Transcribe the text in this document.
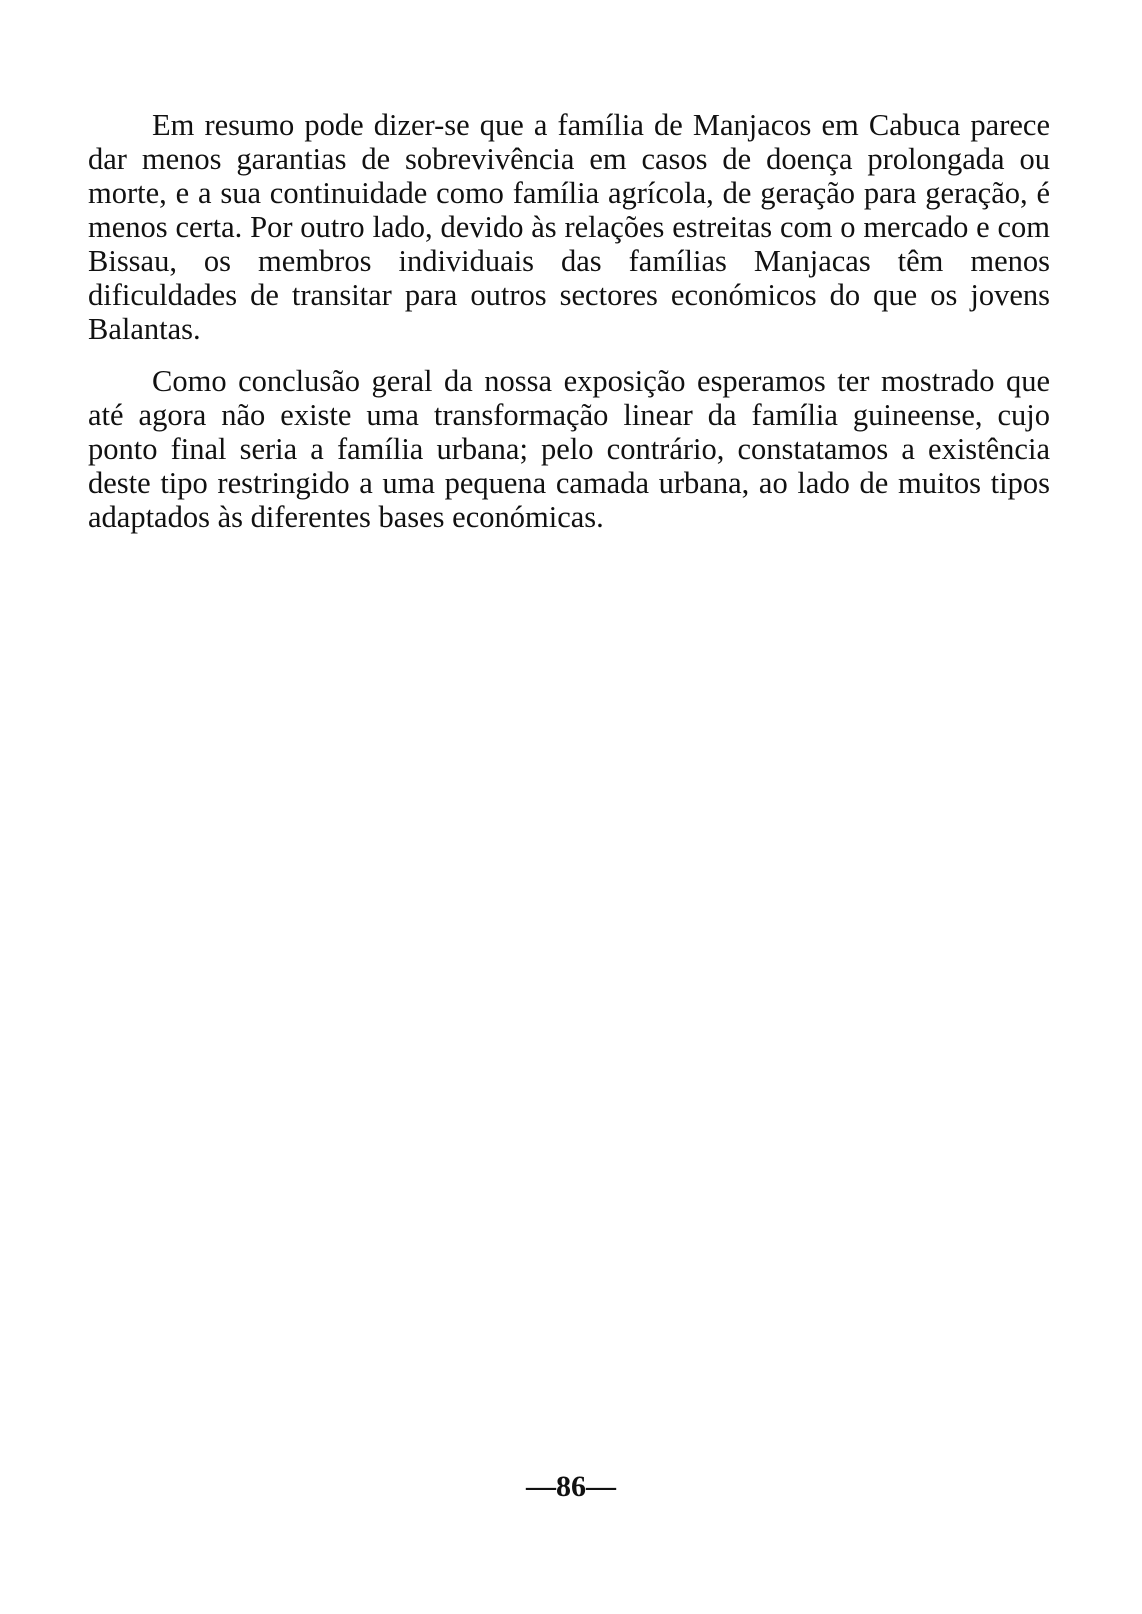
Em resumo pode dizer-se que a família de Manjacos em Cabuca parece dar menos garantias de sobrevivência em casos de doença prolongada ou morte, e a sua continuidade como família agrícola, de geração para geração, é menos certa. Por outro lado, devido às relações estreitas com o mercado e com Bissau, os membros individuais das famílias Manjacas têm menos dificuldades de transitar para outros sectores económicos do que os jovens Balantas.

Como conclusão geral da nossa exposição esperamos ter mostrado que até agora não existe uma transformação linear da família guineense, cujo ponto final seria a família urbana; pelo contrário, constatamos a existência deste tipo restringido a uma pequena camada urbana, ao lado de muitos tipos adaptados às diferentes bases económicas.

—86—
